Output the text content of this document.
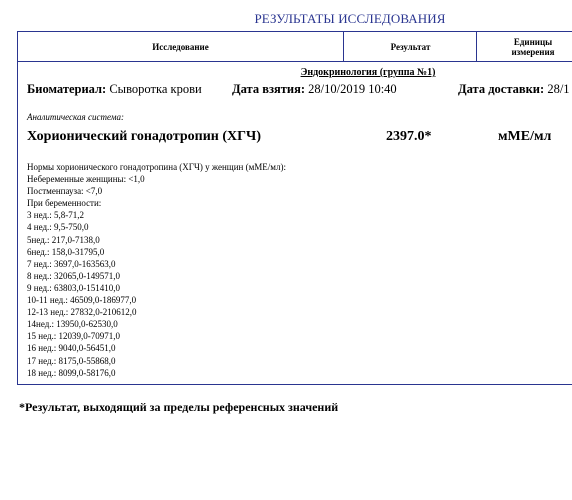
РЕЗУЛЬТАТЫ ИССЛЕДОВАНИЯ
Исследование	Результат	Единицы измерения
Эндокринология (группа №1)
Биоматериал: Сыворотка крови Дата взятия: 28/10/2019 10:40	Дата доставки: 28/1
Аналитическая система:
Хорионический гонадотропин (ХГЧ)	2397.0*	мМЕ/мл
Нормы хорионического гонадотропина (ХГЧ) у женщин (мМЕ/мл):
Небеременные женщины: <1,0
Постменпауза: <7,0
При беременности:
3 нед.: 5,8-71,2
4 нед.: 9,5-750,0
5нед.: 217,0-7138,0
6нед.: 158,0-31795,0
7 нед.: 3697,0-163563,0
8 нед.: 32065,0-149571,0
9 нед.: 63803,0-151410,0
10-11 нед.: 46509,0-186977,0
12-13 нед.: 27832,0-210612,0
14нед.: 13950,0-62530,0
15 нед.: 12039,0-70971,0
16 нед.: 9040,0-56451,0
17 нед.: 8175,0-55868,0
18 нед.: 8099,0-58176,0
*Результат, выходящий за пределы референсных значений
